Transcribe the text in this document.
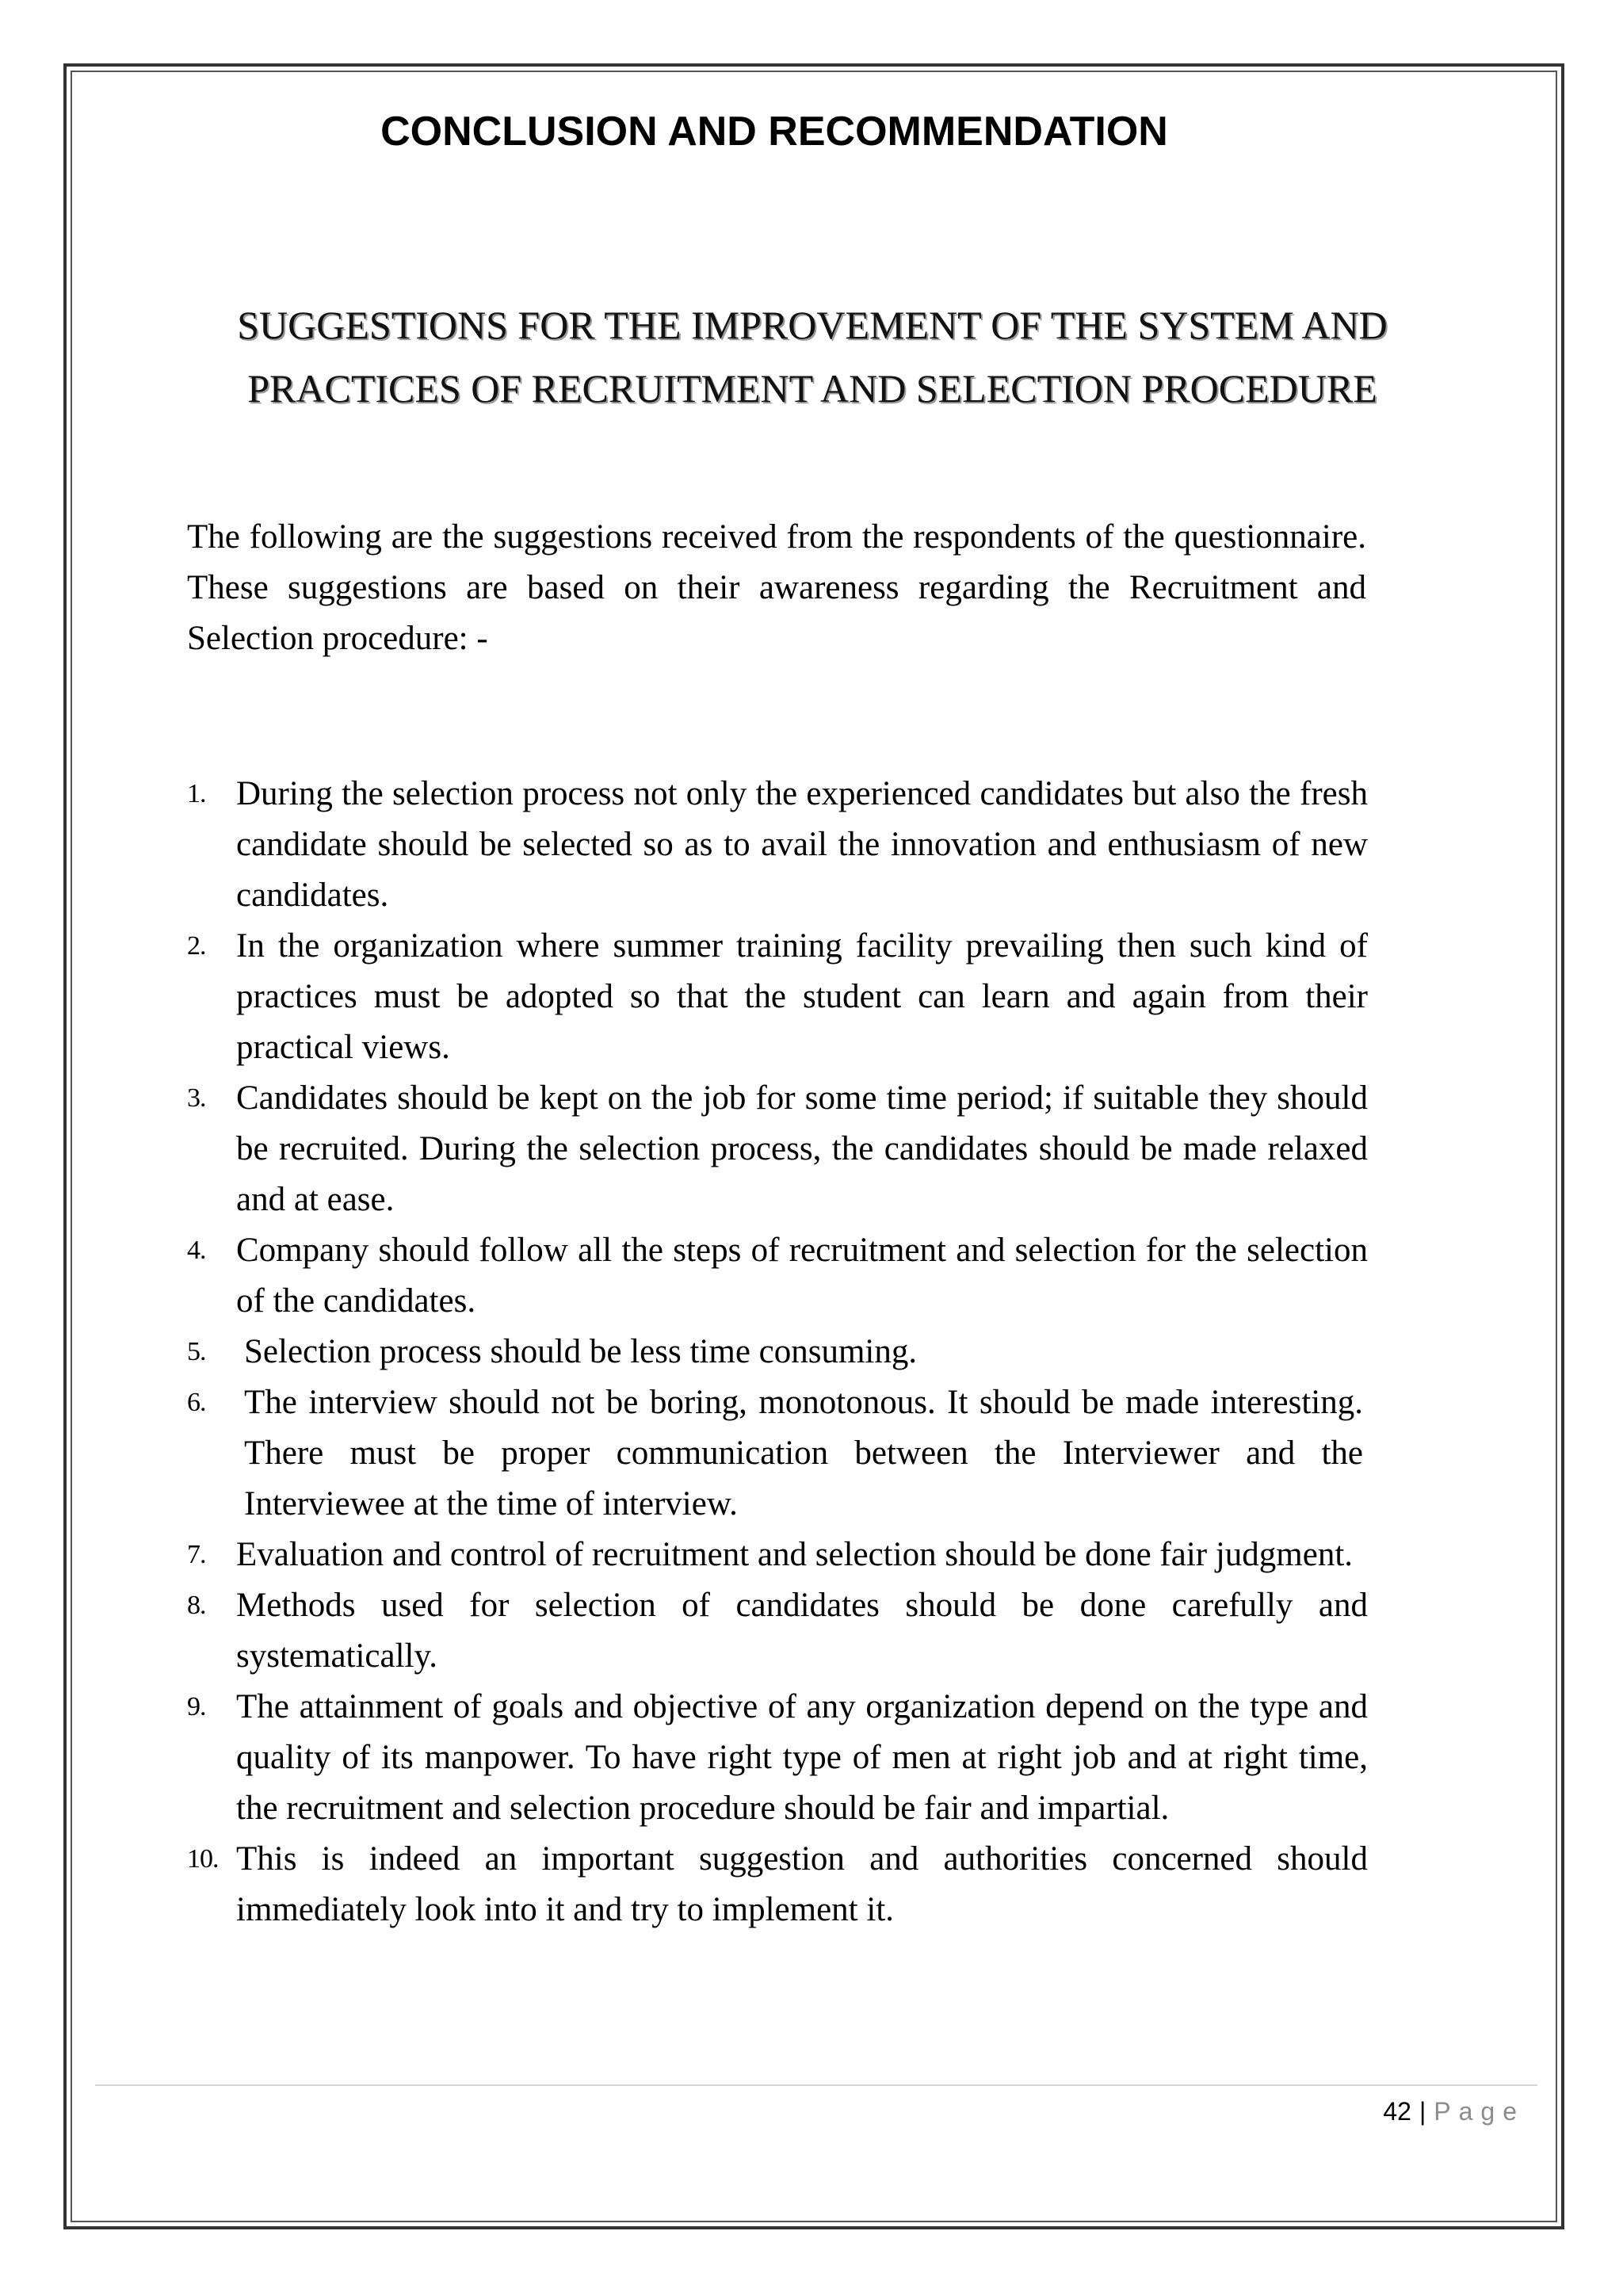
CONCLUSION AND RECOMMENDATION
SUGGESTIONS FOR THE IMPROVEMENT OF THE SYSTEM AND
PRACTICES OF RECRUITMENT AND SELECTION PROCEDURE

The following are the suggestions received from the respondents of the questionnaire. These suggestions are based on their awareness regarding the Recruitment and Selection procedure: -

1. During the selection process not only the experienced candidates but also the fresh candidate should be selected so as to avail the innovation and enthusiasm of new candidates.
2. In the organization where summer training facility prevailing then such kind of practices must be adopted so that the student can learn and again from their practical views.
3. Candidates should be kept on the job for some time period; if suitable they should be recruited. During the selection process, the candidates should be made relaxed and at ease.
4. Company should follow all the steps of recruitment and selection for the selection of the candidates.
5. Selection process should be less time consuming.
6. The interview should not be boring, monotonous. It should be made interesting. There must be proper communication between the Interviewer and the Interviewee at the time of interview.
7. Evaluation and control of recruitment and selection should be done fair judgment.
8. Methods used for selection of candidates should be done carefully and systematically.
9. The attainment of goals and objective of any organization depend on the type and quality of its manpower. To have right type of men at right job and at right time, the recruitment and selection procedure should be fair and impartial.
10. This is indeed an important suggestion and authorities concerned should immediately look into it and try to implement it.
42 | Page
